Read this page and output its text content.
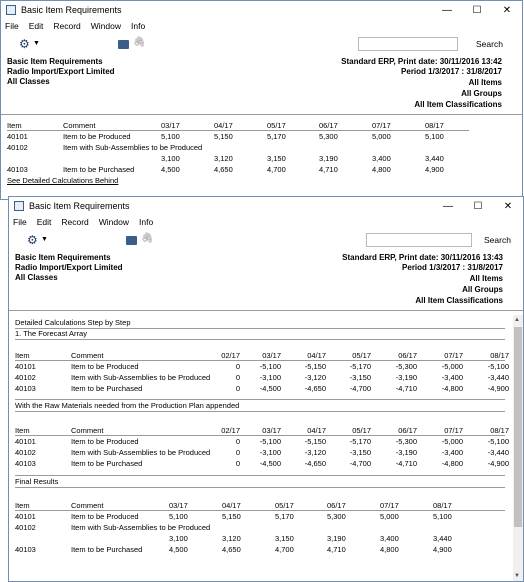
Basic Item Requirements	—	☐	✕
File Edit Record Window Info
⚙ ▼	🖇	Search
Basic Item Requirements
Radio Import/Export Limited
All Classes
Standard ERP, Print date: 30/11/2016 13:42
Period 1/3/2017 : 31/8/2017
All Items
All Groups
All Item Classifications
Item	Comment	03/17	04/17	05/17	06/17	07/17	08/17
40101	Item to be Produced	5,100	5,150	5,170	5,300	5,000	5,100
40102	Item with Sub-Assemblies to be Produced
3,100	3,120	3,150	3,190	3,400	3,440
40103	Item to be Purchased	4,500	4,650	4,700	4,710	4,800	4,900
See Detailed Calculations Behind
Basic Item Requirements	—	☐	✕
File Edit Record Window Info
⚙ ▼	🖇	Search
Basic Item Requirements
Radio Import/Export Limited
All Classes
Standard ERP, Print date: 30/11/2016 13:43
Period 1/3/2017 : 31/8/2017
All Items
All Groups
All Item Classifications
Detailed Calculations Step by Step
1. The Forecast Array
Item	Comment	02/17	03/17	04/17	05/17	06/17	07/17	08/17
40101	Item to be Produced	0	-5,100	-5,150	-5,170	-5,300	-5,000	-5,100
40102	Item with Sub-Assemblies to be Produced	0	-3,100	-3,120	-3,150	-3,190	-3,400	-3,440
40103	Item to be Purchased	0	-4,500	-4,650	-4,700	-4,710	-4,800	-4,900
With the Raw Materials needed from the Production Plan appended
Item	Comment	02/17	03/17	04/17	05/17	06/17	07/17	08/17
40101	Item to be Produced	0	-5,100	-5,150	-5,170	-5,300	-5,000	-5,100
40102	Item with Sub-Assemblies to be Produced	0	-3,100	-3,120	-3,150	-3,190	-3,400	-3,440
40103	Item to be Purchased	0	-4,500	-4,650	-4,700	-4,710	-4,800	-4,900
Final Results
Item	Comment	03/17	04/17	05/17	06/17	07/17	08/17
40101	Item to be Produced	5,100	5,150	5,170	5,300	5,000	5,100
40102	Item with Sub-Assemblies to be Produced
3,100	3,120	3,150	3,190	3,400	3,440
40103	Item to be Purchased	4,500	4,650	4,700	4,710	4,800	4,900
▲
▼
